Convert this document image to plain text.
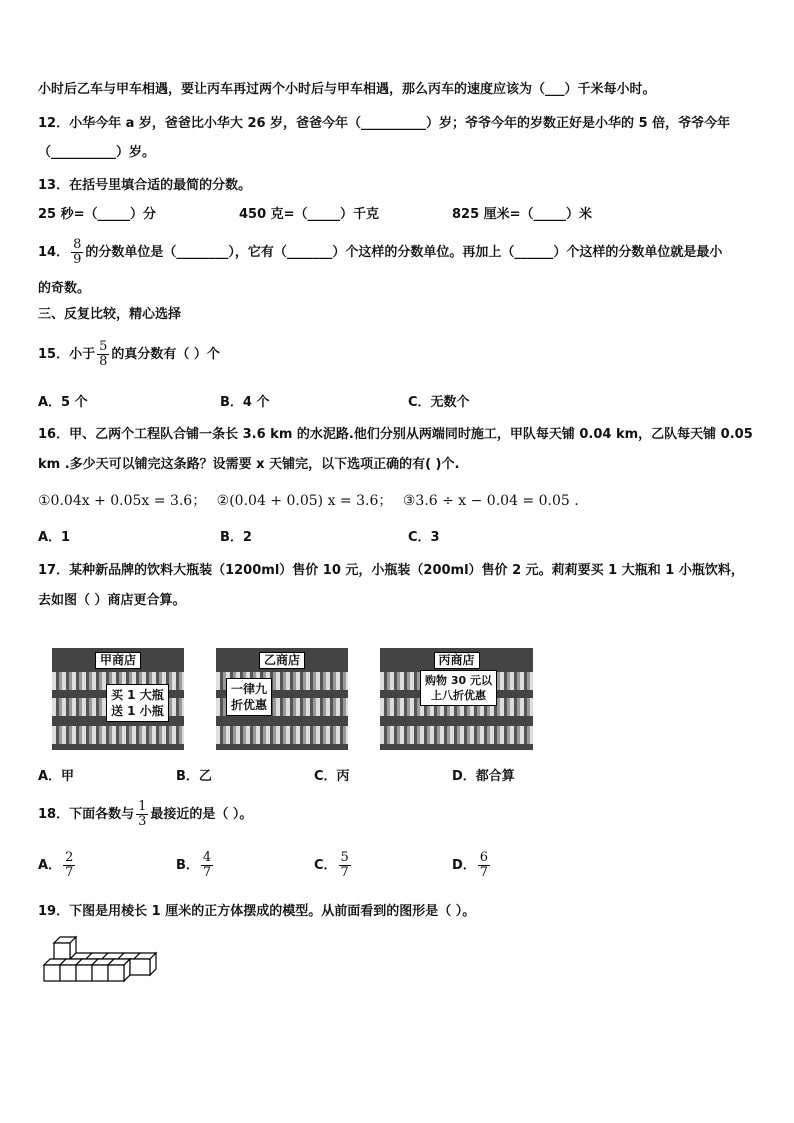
小时后乙车与甲车相遇，要让丙车再过两个小时后与甲车相遇，那么丙车的速度应该为（___）千米每小时。
12．小华今年 a 岁，爸爸比小华大 26 岁，爸爸今年（__________）岁；爷爷今年的岁数正好是小华的 5 倍，爷爷今年
（__________）岁。
13．在括号里填合适的最简的分数。
25 秒=（_____）分	450 克=（_____）千克	825 厘米=（_____）米
14． $\frac{8}{9}$ 的分数单位是（________），它有（_______）个这样的分数单位。再加上（______）个这样的分数单位就是最小
的奇数。
三、反复比较，精心选择
15．小于 $\frac{5}{8}$ 的真分数有（ ）个
A．5 个	B．4 个	C．无数个
16．甲、乙两个工程队合铺一条长 3.6 km 的水泥路.他们分别从两端同时施工，甲队每天铺 0.04 km，乙队每天铺 0.05
km .多少天可以铺完这条路？设需要 x 天铺完，以下选项正确的有( )个.
①0.04x + 0.05x = 3.6； ②(0.04 + 0.05) x = 3.6； ③3.6 ÷ x − 0.04 = 0.05 .
A．1	B．2	C．3
17．某种新品牌的饮料大瓶装（1200ml）售价 10 元，小瓶装（200ml）售价 2 元。莉莉要买 1 大瓶和 1 小瓶饮料，
去如图（ ）商店更合算。
甲商店
买 1 大瓶
送 1 小瓶
乙商店
一律九
折优惠
丙商店
购物 30 元以
上八折优惠
A．甲	B．乙	C．丙	D．都合算
18．下面各数与 $\frac{1}{3}$ 最接近的是（ ）。
A． $\frac{2}{7}$	B． $\frac{4}{7}$	C． $\frac{5}{7}$	D． $\frac{6}{7}$
19．下图是用棱长 1 厘米的正方体摆成的模型。从前面看到的图形是（ ）。
